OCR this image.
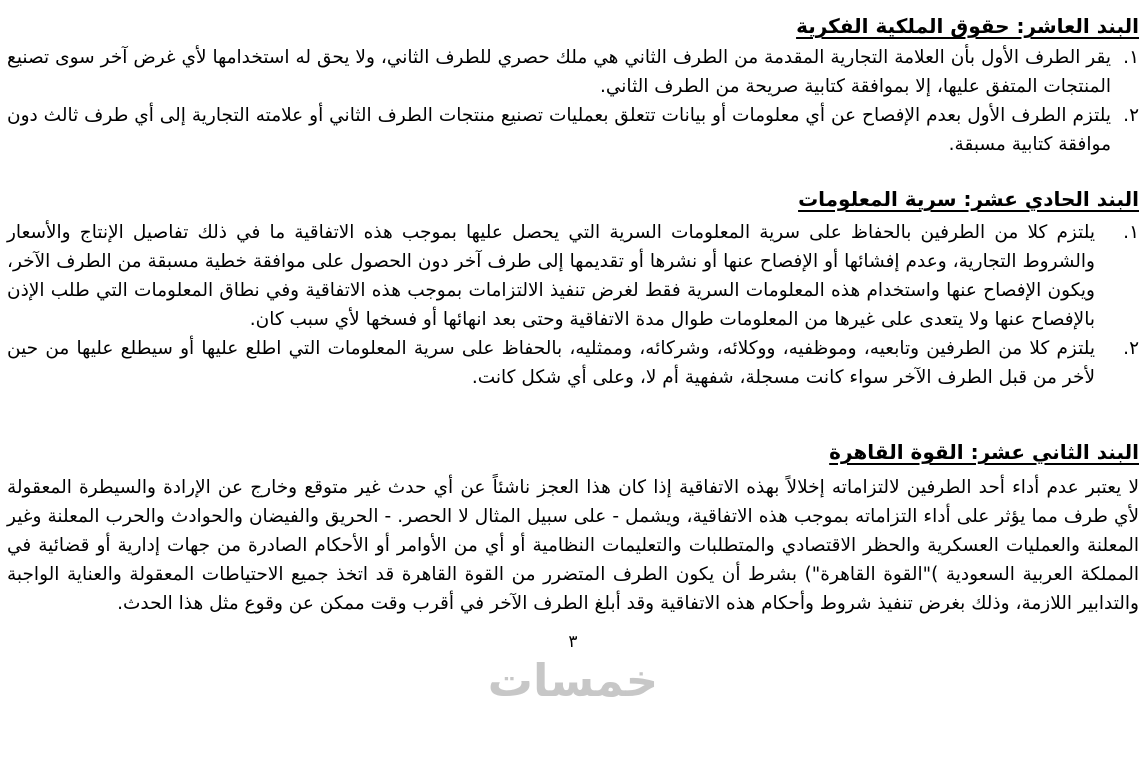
البند العاشر: حقوق الملكية الفكرية
١.
يقر الطرف الأول بأن العلامة التجارية المقدمة من الطرف الثاني هي ملك حصري للطرف الثاني، ولا يحق له استخدامها لأي غرض آخر سوى تصنيع المنتجات المتفق عليها، إلا بموافقة كتابية صريحة من الطرف الثاني.
٢.
يلتزم الطرف الأول بعدم الإفصاح عن أي معلومات أو بيانات تتعلق بعمليات تصنيع منتجات الطرف الثاني أو علامته التجارية إلى أي طرف ثالث دون موافقة كتابية مسبقة.
البند الحادي عشر: سرية المعلومات
١.
يلتزم كلا من الطرفين بالحفاظ على سرية المعلومات السرية التي يحصل عليها بموجب هذه الاتفاقية ما في ذلك تفاصيل الإنتاج والأسعار والشروط التجارية، وعدم إفشائها أو الإفصاح عنها أو نشرها أو تقديمها إلى طرف آخر دون الحصول على موافقة خطية مسبقة من الطرف الآخر، ويكون الإفصاح عنها واستخدام هذه المعلومات السرية فقط لغرض تنفيذ الالتزامات بموجب هذه الاتفاقية وفي نطاق المعلومات التي طلب الإذن بالإفصاح عنها ولا يتعدى على غيرها من المعلومات طوال مدة الاتفاقية وحتى بعد انهائها أو فسخها لأي سبب كان.
٢.
يلتزم كلا من الطرفين وتابعيه، وموظفيه، ووكلائه، وشركائه، وممثليه، بالحفاظ على سرية المعلومات التي اطلع عليها أو سيطلع عليها من حين لأخر من قبل الطرف الآخر سواء كانت مسجلة، شفهية أم لا، وعلى أي شكل كانت.
البند الثاني عشر: القوة القاهرة

لا يعتبر عدم أداء أحد الطرفين لالتزاماته إخلالاً بهذه الاتفاقية إذا كان هذا العجز ناشئاً عن أي حدث غير متوقع وخارج عن الإرادة والسيطرة المعقولة لأي طرف مما يؤثر على أداء التزاماته بموجب هذه الاتفاقية، ويشمل - على سبيل المثال لا الحصر. - الحريق والفيضان والحوادث والحرب المعلنة وغير المعلنة والعمليات العسكرية والحظر الاقتصادي والمتطلبات والتعليمات النظامية أو أي من الأوامر أو الأحكام الصادرة من جهات إدارية أو قضائية في المملكة العربية السعودية )"القوة القاهرة") بشرط أن يكون الطرف المتضرر من القوة القاهرة قد اتخذ جميع الاحتياطات المعقولة والعناية الواجبة والتدابير اللازمة، وذلك بغرض تنفيذ شروط وأحكام هذه الاتفاقية وقد أبلغ الطرف الآخر في أقرب وقت ممكن عن وقوع مثل هذا الحدث.

٣
خمسات
